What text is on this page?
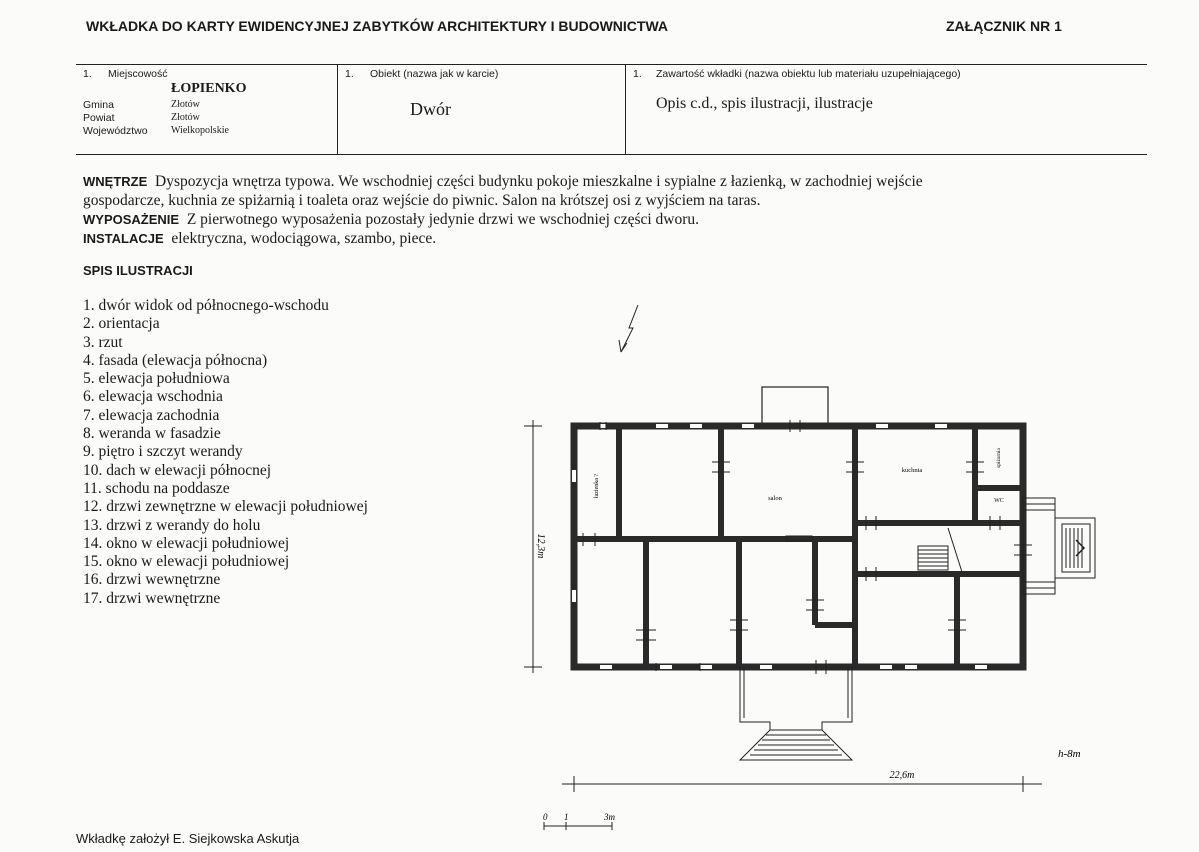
WKŁADKA DO KARTY EWIDENCYJNEJ ZABYTKÓW ARCHITEKTURY I BUDOWNICTWA	ZAŁĄCZNIK NR 1
1. Miejscowość
ŁOPIENKO
Gmina	Złotów
Powiat	Złotów
Województwo Wielkopolskie
1. Obiekt (nazwa jak w karcie)
Dwór
1. Zawartość wkładki (nazwa obiektu lub materiału uzupełniającego)
Opis c.d., spis ilustracji, ilustracje
WNĘTRZE Dyspozycja wnętrza typowa. We wschodniej części budynku pokoje mieszkalne i sypialne z łazienką, w zachodniej wejście
gospodarcze, kuchnia ze spiżarnią i toaleta oraz wejście do piwnic. Salon na krótszej osi z wyjściem na taras.
WYPOSAŻENIE Z pierwotnego wyposażenia pozostały jedynie drzwi we wschodniej części dworu.
INSTALACJE elektryczna, wodociągowa, szambo, piece.
SPIS ILUSTRACJI
1. dwór widok od północnego-wschodu
2. orientacja
3. rzut
4. fasada (elewacja północna)
5. elewacja południowa
6. elewacja wschodnia
7. elewacja zachodnia
8. weranda w fasadzie
9. piętro i szczyt werandy
10. dach w elewacji północnej
11. schodu na poddasze
12. drzwi zewnętrzne w elewacji południowej
13. drzwi z werandy do holu
14. okno w elewacji południowej
15. okno w elewacji południowej
16. drzwi wewnętrzne
17. drzwi wewnętrzne
łazienka ?
salon
kuchnia
spiżarnia
WC
12,3m
22,6m
h-8m
0 1	3m
Wkładkę założył E. Siejkowska Askutja
